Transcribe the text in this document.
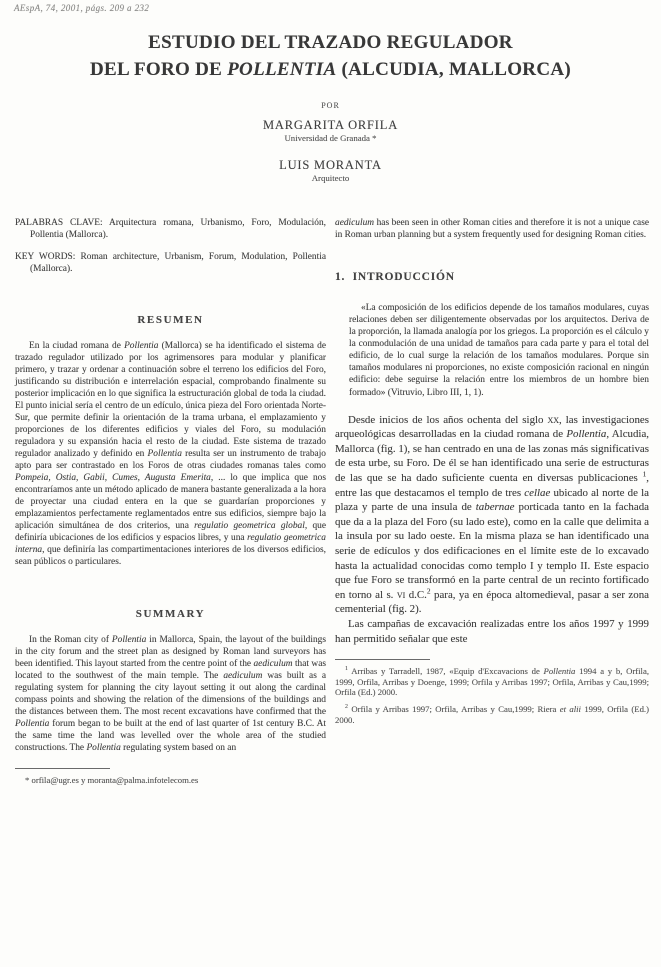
AEspA, 74, 2001, págs. 209 a 232
ESTUDIO DEL TRAZADO REGULADOR
DEL FORO DE POLLENTIA (ALCUDIA, MALLORCA)
POR
MARGARITA ORFILA
Universidad de Granada *
LUIS MORANTA
Arquitecto

PALABRAS CLAVE: Arquitectura romana, Urbanismo, Foro, Modulación, Pollentia (Mallorca).

KEY WORDS: Roman architecture, Urbanism, Forum, Modulation, Pollentia (Mallorca).

RESUMEN

En la ciudad romana de Pollentia (Mallorca) se ha identificado el sistema de trazado regulador utilizado por los agrimensores para modular y planificar primero, y trazar y ordenar a continuación sobre el terreno los edificios del Foro, justificando su distribución e interrelación espacial, comprobando finalmente su posterior implicación en lo que significa la estructuración global de toda la ciudad. El punto inicial sería el centro de un edículo, única pieza del Foro orientada Norte-Sur, que permite definir la orientación de la trama urbana, el emplazamiento y proporciones de los diferentes edificios y viales del Foro, su modulación reguladora y su expansión hacia el resto de la ciudad. Este sistema de trazado regulador analizado y definido en Pollentia resulta ser un instrumento de trabajo apto para ser contrastado en los Foros de otras ciudades romanas tales como Pompeia, Ostia, Gabii, Cumes, Augusta Emerita, ... lo que implica que nos encontraríamos ante un método aplicado de manera bastante generalizada a la hora de proyectar una ciudad entera en la que se guardarían proporciones y emplazamientos perfectamente reglamentados entre sus edificios, siempre bajo la aplicación simultánea de dos criterios, una regulatio geometrica global, que definiría ubicaciones de los edificios y espacios libres, y una regulatio geometrica interna, que definiría las compartimentaciones interiores de los diversos edificios, sean públicos o particulares.

SUMMARY

In the Roman city of Pollentia in Mallorca, Spain, the layout of the buildings in the city forum and the street plan as designed by Roman land surveyors has been identified. This layout started from the centre point of the aediculum that was located to the southwest of the main temple. The aediculum was built as a regulating system for planning the city layout setting it out along the cardinal compass points and showing the relation of the dimensions of the buildings and the distances between them. The most recent excavations have confirmed that the Pollentia forum began to be built at the end of last quarter of 1st century B.C. At the same time the land was levelled over the whole area of the studied constructions. The Pollentia regulating system based on an

* orfila@ugr.es y moranta@palma.infotelecom.es

aediculum has been seen in other Roman cities and therefore it is not a unique case in Roman urban planning but a system frequently used for designing Roman cities.

1.  INTRODUCCIÓN

«La composición de los edificios depende de los tamaños modulares, cuyas relaciones deben ser diligentemente observadas por los arquitectos. Deriva de la proporción, la llamada analogía por los griegos. La proporción es el cálculo y la conmodulación de una unidad de tamaños para cada parte y para el total del edificio, de lo cual surge la relación de los tamaños modulares. Porque sin tamaños modulares ni proporciones, no existe composición racional en ningún edificio: debe seguirse la relación entre los miembros de un hombre bien formado» (Vitruvio, Libro III, 1, 1).

Desde inicios de los años ochenta del siglo xx, las investigaciones arqueológicas desarrolladas en la ciudad romana de Pollentia, Alcudia, Mallorca (fig. 1), se han centrado en una de las zonas más significativas de esta urbe, su Foro. De él se han identificado una serie de estructuras de las que se ha dado suficiente cuenta en diversas publicaciones $^1$, entre las que destacamos el templo de tres cellae ubicado al norte de la plaza y parte de una insula de tabernae porticada tanto en la fachada que da a la plaza del Foro (su lado este), como en la calle que delimita a la insula por su lado oeste. En la misma plaza se han identificado una serie de edículos y dos edificaciones en el límite este de lo excavado hasta la actualidad conocidas como templo I y templo II. Este espacio que fue Foro se transformó en la parte central de un recinto fortificado en torno al s. vi d.C.$^2$ para, ya en época altomedieval, pasar a ser zona cementerial (fig. 2).

Las campañas de excavación realizadas entre los años 1997 y 1999 han permitido señalar que este

$^1$ Arribas y Tarradell, 1987, «Equip d'Excavacions de Pollentia 1994 a y b, Orfila, 1999, Orfila, Arribas y Doenge, 1999; Orfila y Arribas 1997; Orfila, Arribas y Cau,1999; Orfila (Ed.) 2000.

$^2$ Orfila y Arribas 1997; Orfila, Arribas y Cau,1999; Riera et alii 1999, Orfila (Ed.) 2000.
